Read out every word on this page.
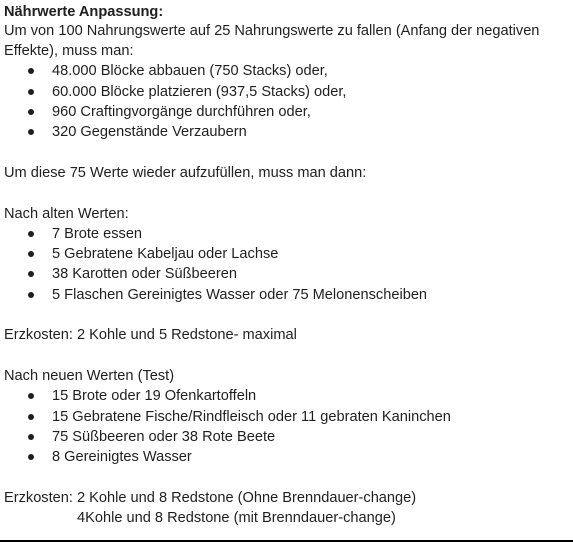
Nährwerte Anpassung:
Um von 100 Nahrungswerte auf 25 Nahrungswerte zu fallen (Anfang der negativen Effekte), muss man:
48.000 Blöcke abbauen (750 Stacks) oder,
60.000 Blöcke platzieren (937,5 Stacks) oder,
960 Craftingvorgänge durchführen oder,
320 Gegenstände Verzaubern
Um diese 75 Werte wieder aufzufüllen, muss man dann:
Nach alten Werten:
7 Brote essen
5 Gebratene Kabeljau oder Lachse
38 Karotten oder Süßbeeren
5 Flaschen Gereinigtes Wasser oder 75 Melonenscheiben
Erzkosten: 2 Kohle und 5 Redstone- maximal
Nach neuen Werten (Test)
15 Brote oder 19 Ofenkartoffeln
15 Gebratene Fische/Rindfleisch oder 11 gebraten Kaninchen
75 Süßbeeren oder 38 Rote Beete
8 Gereinigtes Wasser
Erzkosten: 2 Kohle und 8 Redstone (Ohne Brenndauer-change)
4Kohle und 8 Redstone (mit Brenndauer-change)
